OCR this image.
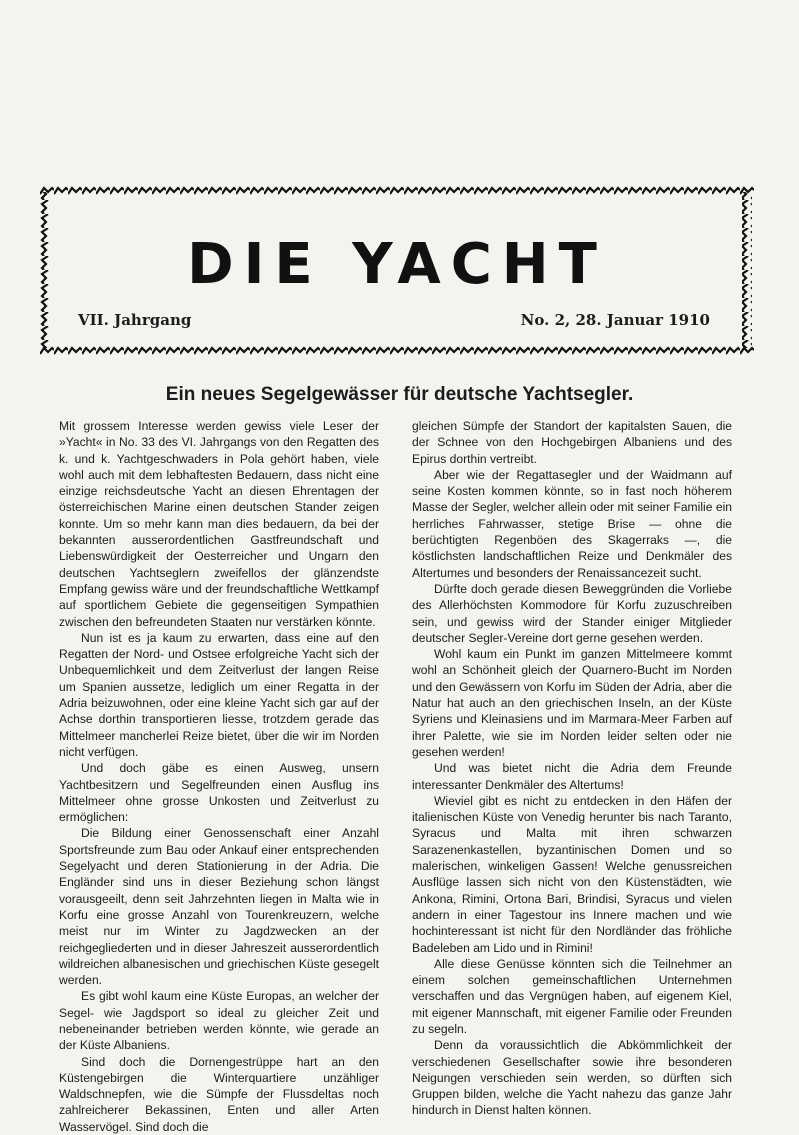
DIE YACHT
VII. Jahrgang	No. 2, 28. Januar 1910
Ein neues Segelgewässer für deutsche Yachtsegler.

Mit grossem Interesse werden gewiss viele Leser der »Yacht« in No. 33 des VI. Jahrgangs von den Regatten des k. und k. Yachtgeschwaders in Pola gehört haben, viele wohl auch mit dem lebhaftesten Bedauern, dass nicht eine einzige reichsdeutsche Yacht an diesen Ehrentagen der österreichischen Marine einen deutschen Stander zeigen konnte. Um so mehr kann man dies bedauern, da bei der bekannten ausserordentlichen Gastfreundschaft und Liebenswürdigkeit der Oesterreicher und Ungarn den deutschen Yachtseglern zweifellos der glänzendste Empfang gewiss wäre und der freundschaftliche Wettkampf auf sportlichem Gebiete die gegenseitigen Sympathien zwischen den befreundeten Staaten nur verstärken könnte.

Nun ist es ja kaum zu erwarten, dass eine auf den Regatten der Nord- und Ostsee erfolgreiche Yacht sich der Unbequemlichkeit und dem Zeitverlust der langen Reise um Spanien aussetze, lediglich um einer Regatta in der Adria beizuwohnen, oder eine kleine Yacht sich gar auf der Achse dorthin transportieren liesse, trotzdem gerade das Mittelmeer mancherlei Reize bietet, über die wir im Norden nicht verfügen.

Und doch gäbe es einen Ausweg, unsern Yachtbesitzern und Segelfreunden einen Ausflug ins Mittelmeer ohne grosse Unkosten und Zeitverlust zu ermöglichen:

Die Bildung einer Genossenschaft einer Anzahl Sportsfreunde zum Bau oder Ankauf einer entsprechenden Segelyacht und deren Stationierung in der Adria. Die Engländer sind uns in dieser Beziehung schon längst vorausgeeilt, denn seit Jahrzehnten liegen in Malta wie in Korfu eine grosse Anzahl von Tourenkreuzern, welche meist nur im Winter zu Jagdzwecken an der reichgegliederten und in dieser Jahreszeit ausserordentlich wildreichen albanesischen und griechischen Küste gesegelt werden.

Es gibt wohl kaum eine Küste Europas, an welcher der Segel- wie Jagdsport so ideal zu gleicher Zeit und nebeneinander betrieben werden könnte, wie gerade an der Küste Albaniens.

Sind doch die Dornengestrüppe hart an den Küstengebirgen die Winterquartiere unzähliger Waldschnepfen, wie die Sümpfe der Flussdeltas noch zahlreicherer Bekassinen, Enten und aller Arten Wasservögel. Sind doch die

gleichen Sümpfe der Standort der kapitalsten Sauen, die der Schnee von den Hochgebirgen Albaniens und des Epirus dorthin vertreibt.

Aber wie der Regattasegler und der Waidmann auf seine Kosten kommen könnte, so in fast noch höherem Masse der Segler, welcher allein oder mit seiner Familie ein herrliches Fahrwasser, stetige Brise — ohne die berüchtigten Regenböen des Skagerraks —, die köstlichsten landschaftlichen Reize und Denkmäler des Altertumes und besonders der Renaissancezeit sucht.

Dürfte doch gerade diesen Beweggründen die Vorliebe des Allerhöchsten Kommodore für Korfu zuzuschreiben sein, und gewiss wird der Stander einiger Mitglieder deutscher Segler-Vereine dort gerne gesehen werden.

Wohl kaum ein Punkt im ganzen Mittelmeere kommt wohl an Schönheit gleich der Quarnero-Bucht im Norden und den Gewässern von Korfu im Süden der Adria, aber die Natur hat auch an den griechischen Inseln, an der Küste Syriens und Kleinasiens und im Marmara-Meer Farben auf ihrer Palette, wie sie im Norden leider selten oder nie gesehen werden!

Und was bietet nicht die Adria dem Freunde interessanter Denkmäler des Altertums!

Wieviel gibt es nicht zu entdecken in den Häfen der italienischen Küste von Venedig herunter bis nach Taranto, Syracus und Malta mit ihren schwarzen Sarazenenkastellen, byzantinischen Domen und so malerischen, winkeligen Gassen! Welche genussreichen Ausflüge lassen sich nicht von den Küstenstädten, wie Ankona, Rimini, Ortona Bari, Brindisi, Syracus und vielen andern in einer Tagestour ins Innere machen und wie hochinteressant ist nicht für den Nordländer das fröhliche Badeleben am Lido und in Rimini!

Alle diese Genüsse könnten sich die Teilnehmer an einem solchen gemeinschaftlichen Unternehmen verschaffen und das Vergnügen haben, auf eigenem Kiel, mit eigener Mannschaft, mit eigener Familie oder Freunden zu segeln.

Denn da voraussichtlich die Abkömmlichkeit der verschiedenen Gesellschafter sowie ihre besonderen Neigungen verschieden sein werden, so dürften sich Gruppen bilden, welche die Yacht nahezu das ganze Jahr hindurch in Dienst halten können.
